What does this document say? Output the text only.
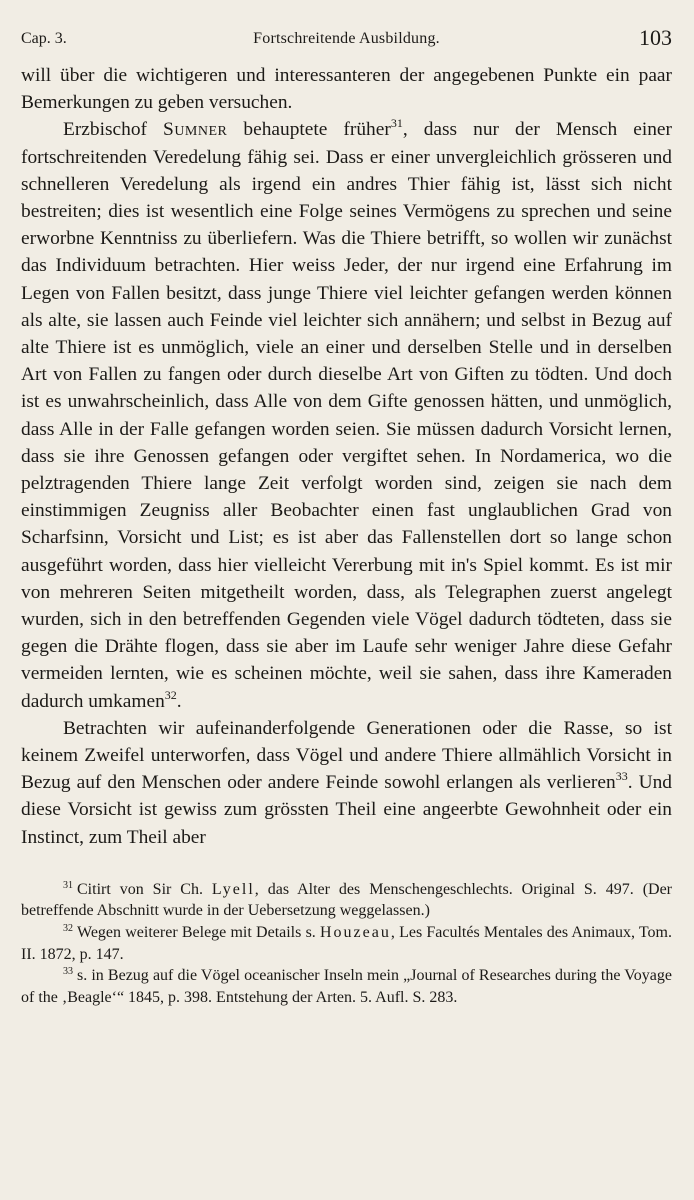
Cap. 3.	Fortschreitende Ausbildung.	103

will über die wichtigeren und interessanteren der angegebenen Punkte ein paar Bemerkungen zu geben versuchen.

Erzbischof Sumner behauptete früher$^{31}$, dass nur der Mensch einer fortschreitenden Veredelung fähig sei. Dass er einer unvergleichlich grösseren und schnelleren Veredelung als irgend ein andres Thier fähig ist, lässt sich nicht bestreiten; dies ist wesentlich eine Folge seines Vermögens zu sprechen und seine erworbne Kenntniss zu überliefern. Was die Thiere betrifft, so wollen wir zunächst das Individuum betrachten. Hier weiss Jeder, der nur irgend eine Erfahrung im Legen von Fallen besitzt, dass junge Thiere viel leichter gefangen werden können als alte, sie lassen auch Feinde viel leichter sich annähern; und selbst in Bezug auf alte Thiere ist es unmöglich, viele an einer und derselben Stelle und in derselben Art von Fallen zu fangen oder durch dieselbe Art von Giften zu tödten. Und doch ist es unwahrscheinlich, dass Alle von dem Gifte genossen hätten, und unmöglich, dass Alle in der Falle gefangen worden seien. Sie müssen dadurch Vorsicht lernen, dass sie ihre Genossen gefangen oder vergiftet sehen. In Nordamerica, wo die pelztragenden Thiere lange Zeit verfolgt worden sind, zeigen sie nach dem einstimmigen Zeugniss aller Beobachter einen fast unglaublichen Grad von Scharfsinn, Vorsicht und List; es ist aber das Fallenstellen dort so lange schon ausgeführt worden, dass hier vielleicht Vererbung mit in's Spiel kommt. Es ist mir von mehreren Seiten mitgetheilt worden, dass, als Telegraphen zuerst angelegt wurden, sich in den betreffenden Gegenden viele Vögel dadurch tödteten, dass sie gegen die Drähte flogen, dass sie aber im Laufe sehr weniger Jahre diese Gefahr vermeiden lernten, wie es scheinen möchte, weil sie sahen, dass ihre Kameraden dadurch umkamen$^{32}$.

Betrachten wir aufeinanderfolgende Generationen oder die Rasse, so ist keinem Zweifel unterworfen, dass Vögel und andere Thiere allmählich Vorsicht in Bezug auf den Menschen oder andere Feinde sowohl erlangen als verlieren$^{33}$. Und diese Vorsicht ist gewiss zum grössten Theil eine angeerbte Gewohnheit oder ein Instinct, zum Theil aber

$^{31}$ Citirt von Sir Ch. Lyell, das Alter des Menschengeschlechts. Original S. 497. (Der betreffende Abschnitt wurde in der Uebersetzung weggelassen.)

$^{32}$ Wegen weiterer Belege mit Details s. Houzeau, Les Facultés Mentales des Animaux, Tom. II. 1872, p. 147.

$^{33}$ s. in Bezug auf die Vögel oceanischer Inseln mein „Journal of Researches during the Voyage of the ‚Beagle‘“ 1845, p. 398. Entstehung der Arten. 5. Aufl. S. 283.
